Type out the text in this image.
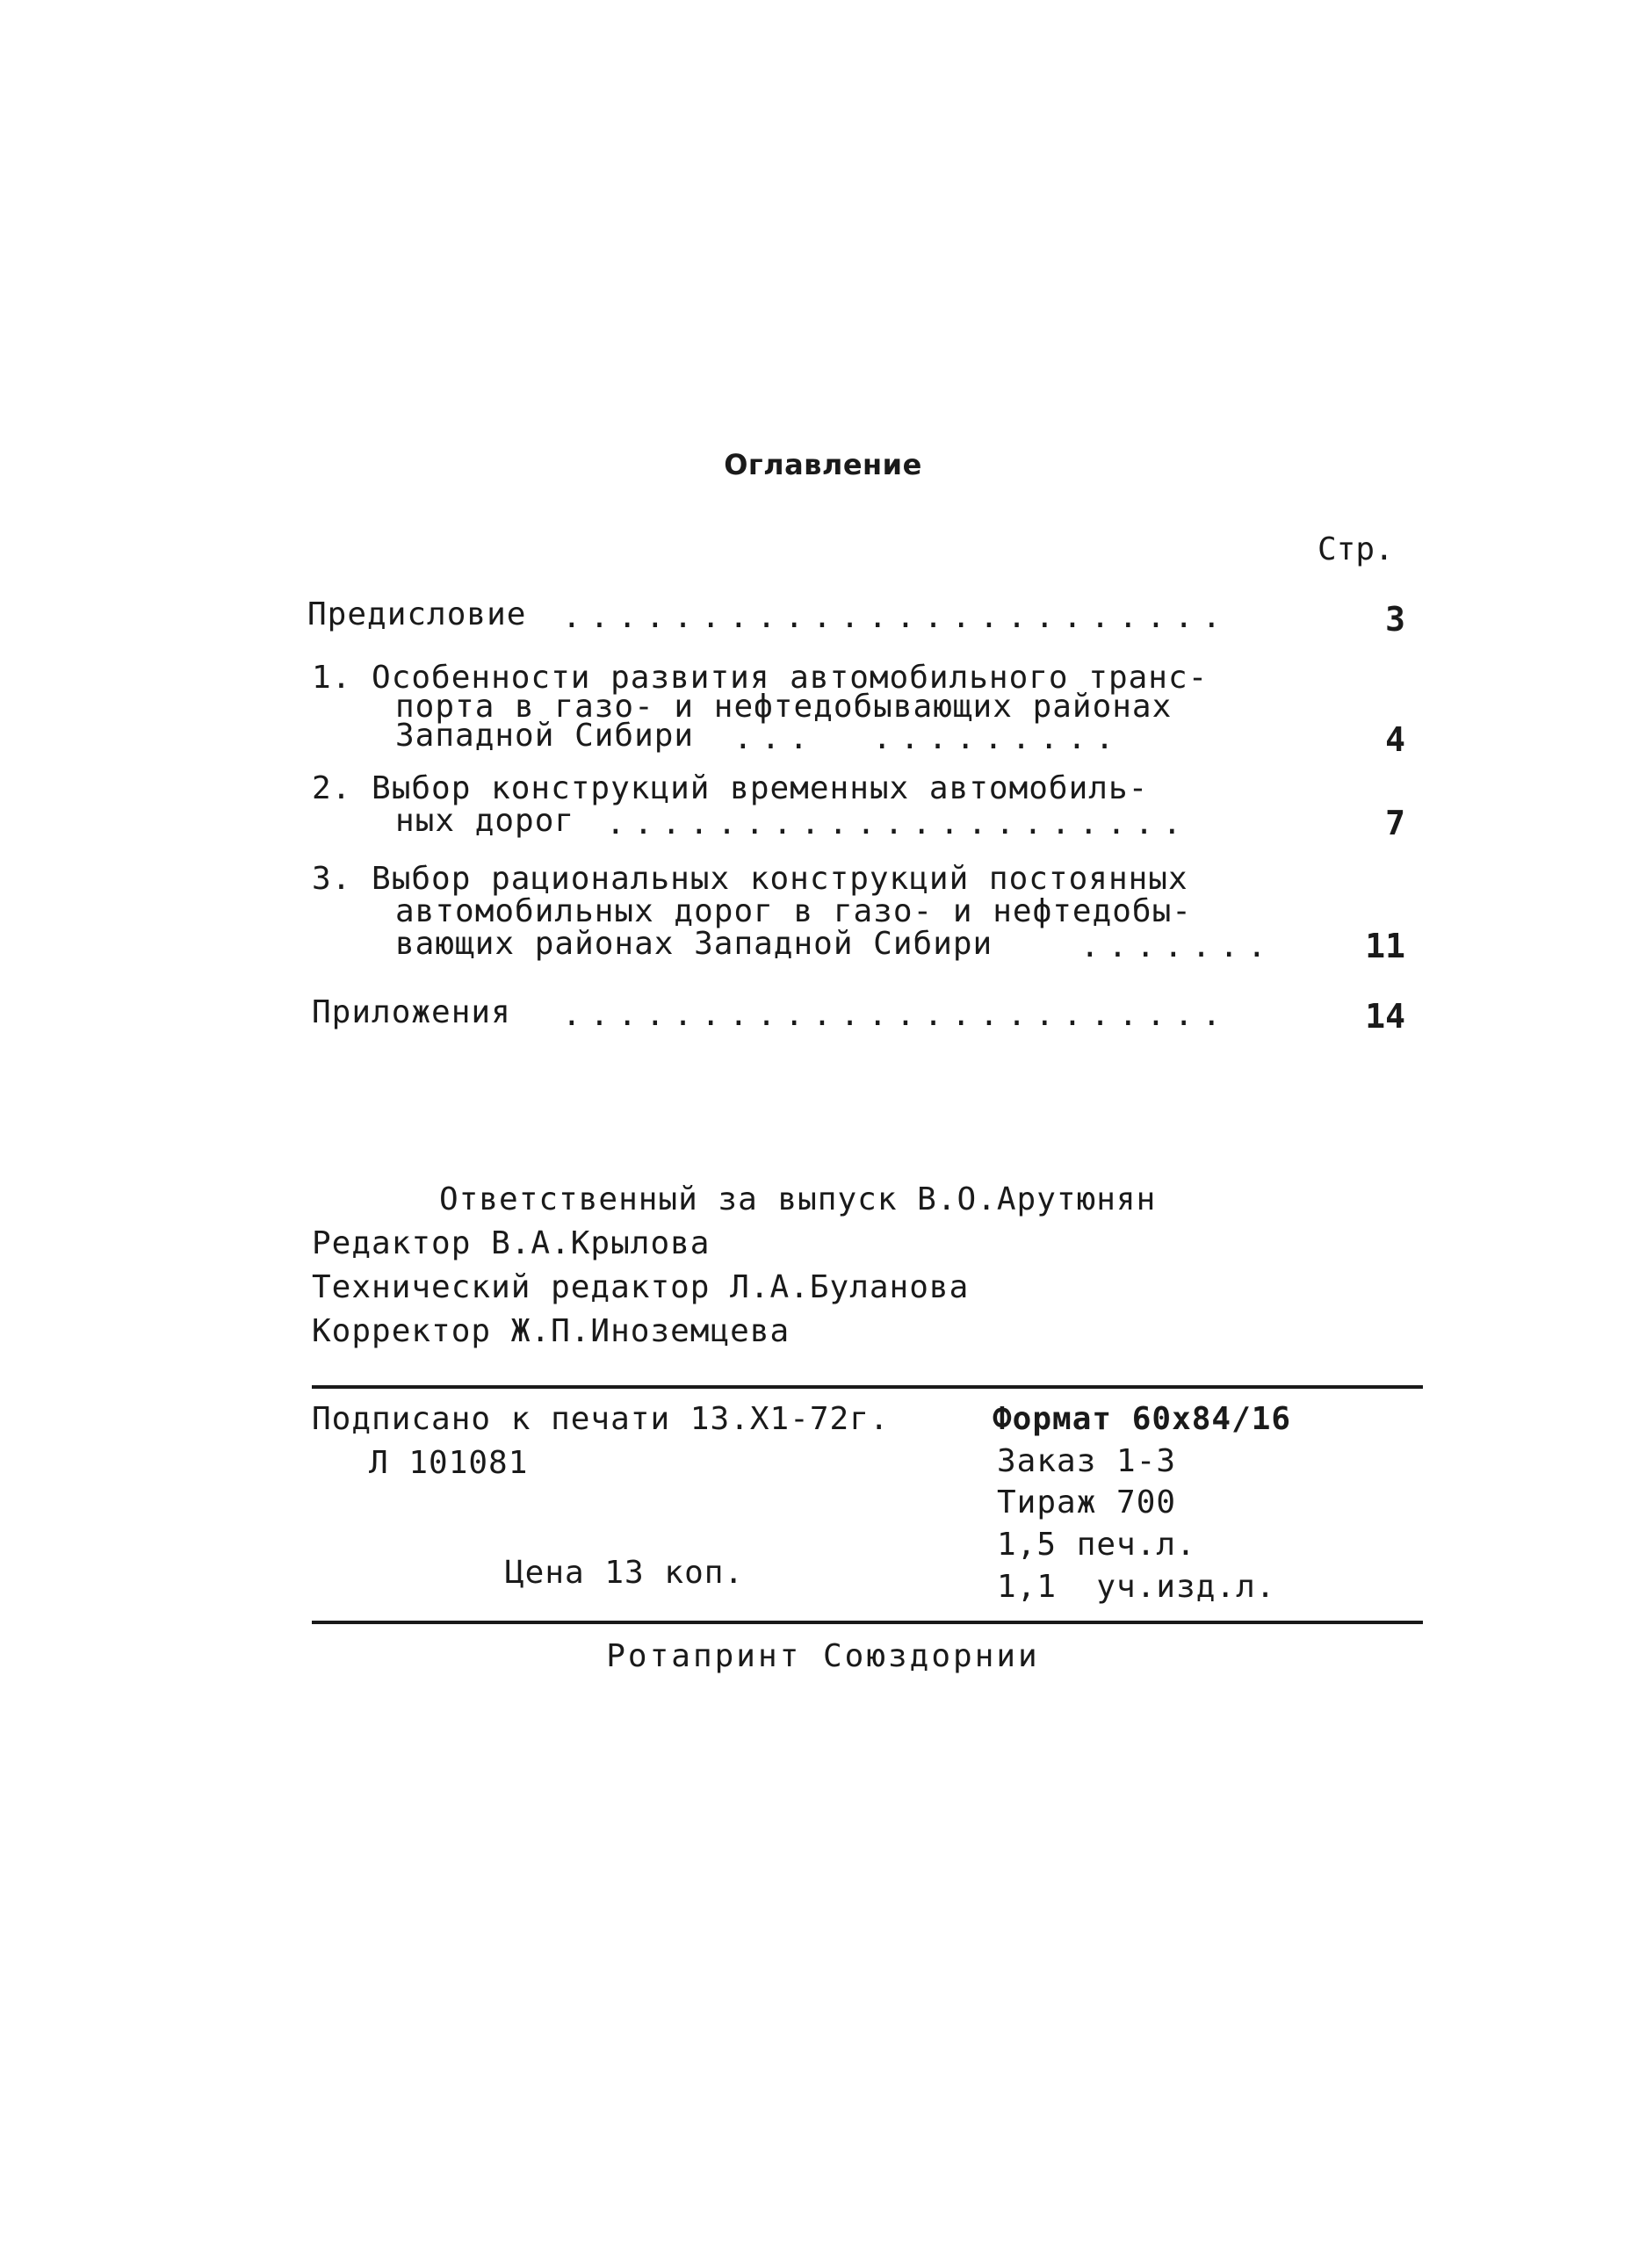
Оглавление
Стр.
Предисловие ........................	3
1. Особенности развития автомобильного транс-
порта в газо- и нефтедобывающих районах
Западной Сибири ...  .........	4
2. Выбор конструкций временных автомобиль-
ных дорог .....................	7
3. Выбор рациональных конструкций постоянных
автомобильных дорог в газо- и нефтедобы-
вающих районах Западной Сибири	.......	11
Приложения ........................	14
Ответственный за выпуск В.О.Арутюнян
Редактор В.А.Крылова
Технический редактор Л.А.Буланова
Корректор Ж.П.Иноземцева
Подписано к печати 13.Х1-72г.
Л 101081
Цена 13 коп.
Формат 60х84/16
Заказ 1-3
Тираж 700
1,5 печ.л.
1,1  уч.изд.л.
Ротапринт Союздорнии
